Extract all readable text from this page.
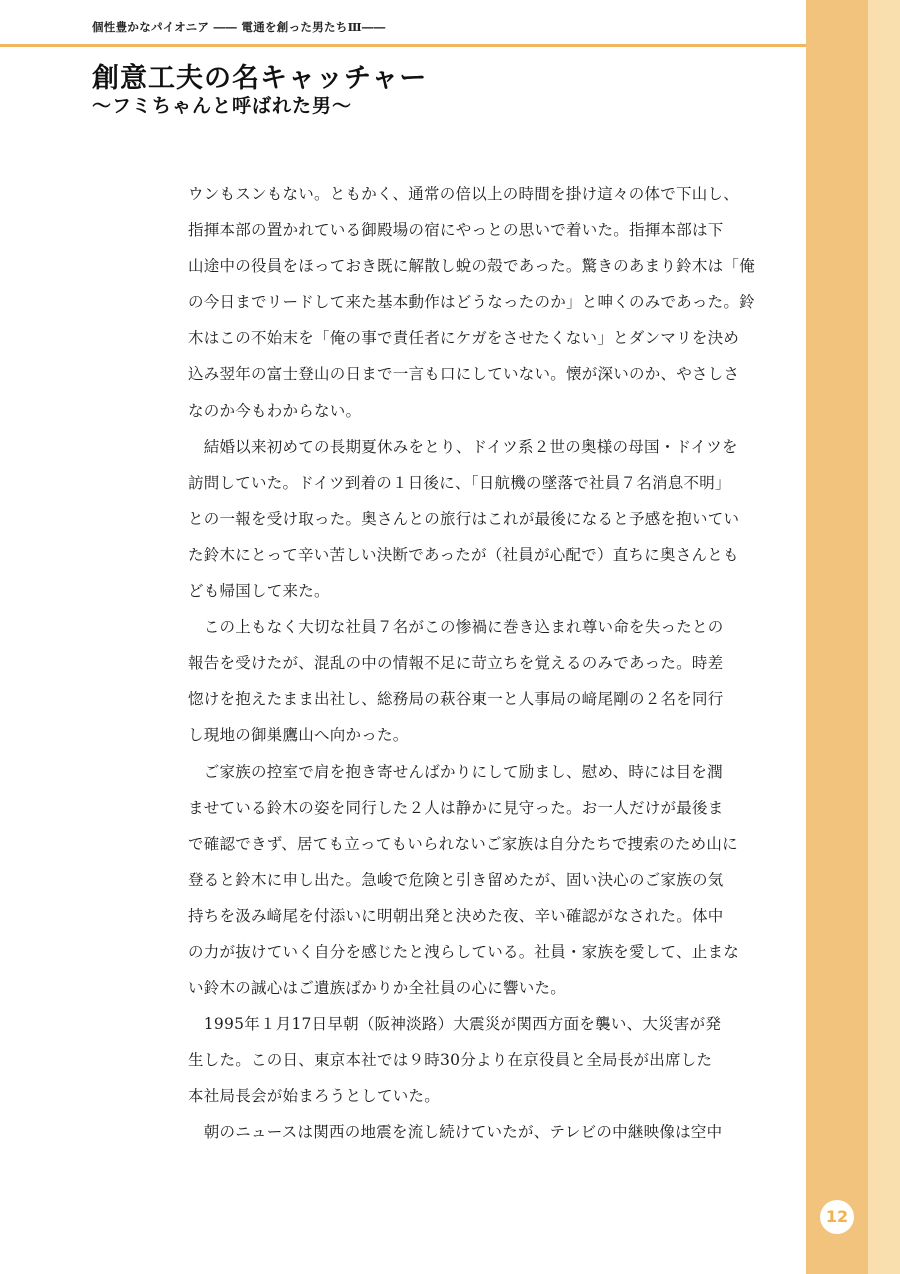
個性豊かなパイオニア ―― 電通を創った男たちⅢ――
創意工夫の名キャッチャー
～フミちゃんと呼ばれた男～
ウンもスンもない。ともかく、通常の倍以上の時間を掛け這々の体で下山し、
指揮本部の置かれている御殿場の宿にやっとの思いで着いた。指揮本部は下
山途中の役員をほっておき既に解散し蛻の殻であった。驚きのあまり鈴木は「俺
の今日までリードして来た基本動作はどうなったのか」と呻くのみであった。鈴
木はこの不始末を「俺の事で責任者にケガをさせたくない」とダンマリを決め
込み翌年の富士登山の日まで一言も口にしていない。懐が深いのか、やさしさ
なのか今もわからない。
　結婚以来初めての長期夏休みをとり、ドイツ系２世の奥様の母国・ドイツを
訪問していた。ドイツ到着の１日後に、「日航機の墜落で社員７名消息不明」
との一報を受け取った。奥さんとの旅行はこれが最後になると予感を抱いてい
た鈴木にとって辛い苦しい決断であったが（社員が心配で）直ちに奥さんとも
ども帰国して来た。
　この上もなく大切な社員７名がこの惨禍に巻き込まれ尊い命を失ったとの
報告を受けたが、混乱の中の情報不足に苛立ちを覚えるのみであった。時差
惚けを抱えたまま出社し、総務局の萩谷東一と人事局の﨑尾剛の２名を同行
し現地の御巣鷹山へ向かった。
　ご家族の控室で肩を抱き寄せんばかりにして励まし、慰め、時には目を潤
ませている鈴木の姿を同行した２人は静かに見守った。お一人だけが最後ま
で確認できず、居ても立ってもいられないご家族は自分たちで捜索のため山に
登ると鈴木に申し出た。急峻で危険と引き留めたが、固い決心のご家族の気
持ちを汲み﨑尾を付添いに明朝出発と決めた夜、辛い確認がなされた。体中
の力が抜けていく自分を感じたと洩らしている。社員・家族を愛して、止まな
い鈴木の誠心はご遺族ばかりか全社員の心に響いた。
　1995年１月17日早朝（阪神淡路）大震災が関西方面を襲い、大災害が発
生した。この日、東京本社では９時30分より在京役員と全局長が出席した
本社局長会が始まろうとしていた。
　朝のニュースは関西の地震を流し続けていたが、テレビの中継映像は空中
12
